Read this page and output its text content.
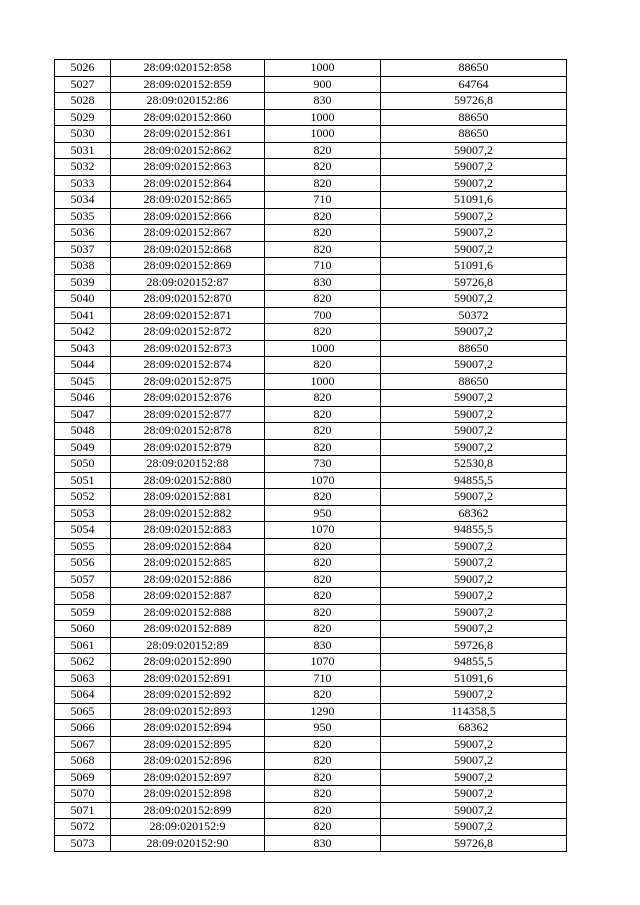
5026	28:09:020152:858	1000	88650
5027	28:09:020152:859	900	64764
5028	28:09:020152:86	830	59726,8
5029	28:09:020152:860	1000	88650
5030	28:09:020152:861	1000	88650
5031	28:09:020152:862	820	59007,2
5032	28:09:020152:863	820	59007,2
5033	28:09:020152:864	820	59007,2
5034	28:09:020152:865	710	51091,6
5035	28:09:020152:866	820	59007,2
5036	28:09:020152:867	820	59007,2
5037	28:09:020152:868	820	59007,2
5038	28:09:020152:869	710	51091,6
5039	28:09:020152:87	830	59726,8
5040	28:09:020152:870	820	59007,2
5041	28:09:020152:871	700	50372
5042	28:09:020152:872	820	59007,2
5043	28:09:020152:873	1000	88650
5044	28:09:020152:874	820	59007,2
5045	28:09:020152:875	1000	88650
5046	28:09:020152:876	820	59007,2
5047	28:09:020152:877	820	59007,2
5048	28:09:020152:878	820	59007,2
5049	28:09:020152:879	820	59007,2
5050	28:09:020152:88	730	52530,8
5051	28:09:020152:880	1070	94855,5
5052	28:09:020152:881	820	59007,2
5053	28:09:020152:882	950	68362
5054	28:09:020152:883	1070	94855,5
5055	28:09:020152:884	820	59007,2
5056	28:09:020152:885	820	59007,2
5057	28:09:020152:886	820	59007,2
5058	28:09:020152:887	820	59007,2
5059	28:09:020152:888	820	59007,2
5060	28:09:020152:889	820	59007,2
5061	28:09:020152:89	830	59726,8
5062	28:09:020152:890	1070	94855,5
5063	28:09:020152:891	710	51091,6
5064	28:09:020152:892	820	59007,2
5065	28:09:020152:893	1290	114358,5
5066	28:09:020152:894	950	68362
5067	28:09:020152:895	820	59007,2
5068	28:09:020152:896	820	59007,2
5069	28:09:020152:897	820	59007,2
5070	28:09:020152:898	820	59007,2
5071	28:09:020152:899	820	59007,2
5072	28:09:020152:9	820	59007,2
5073	28:09:020152:90	830	59726,8
